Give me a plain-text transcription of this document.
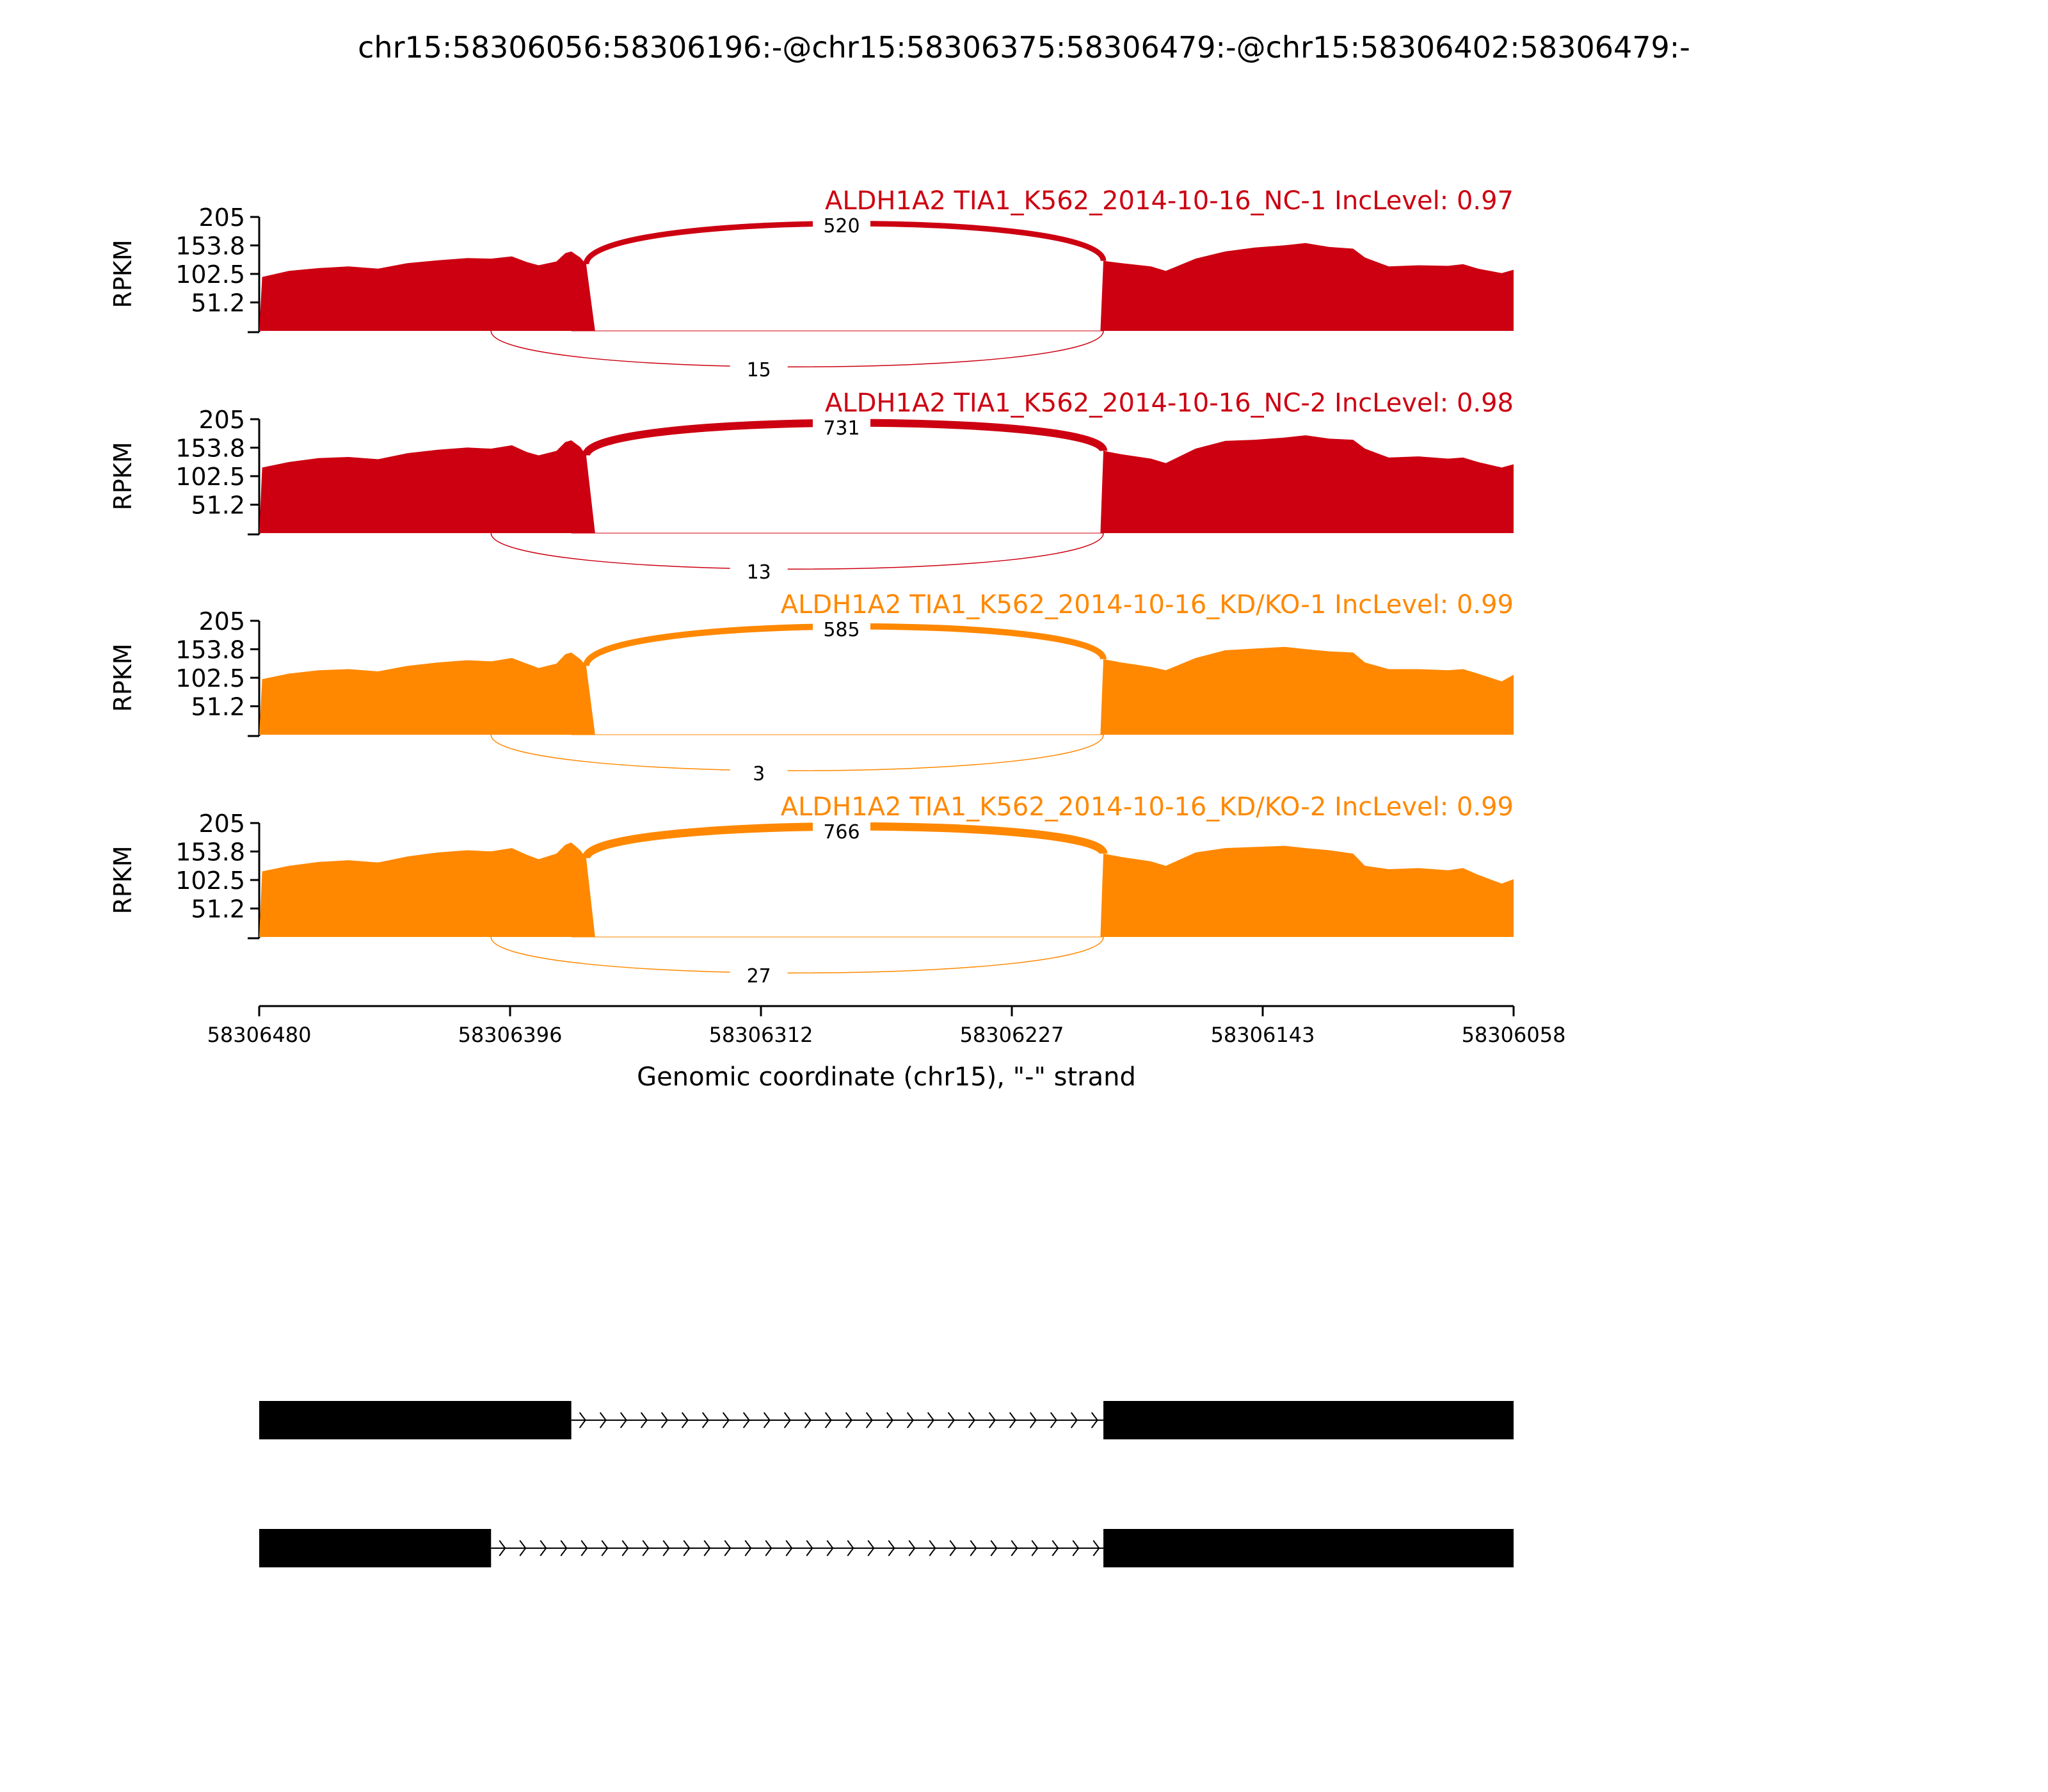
chr15:58306056:58306196:-@chr15:58306375:58306479:-@chr15:58306402:58306479:-
205
153.8
102.5
51.2
RPKM
520
15
ALDH1A2 TIA1_K562_2014-10-16_NC-1 IncLevel: 0.97
205
153.8
102.5
51.2
RPKM
731
13
ALDH1A2 TIA1_K562_2014-10-16_NC-2 IncLevel: 0.98
205
153.8
102.5
51.2
RPKM
585
3
ALDH1A2 TIA1_K562_2014-10-16_KD/KO-1 IncLevel: 0.99
205
153.8
102.5
51.2
RPKM
766
27
ALDH1A2 TIA1_K562_2014-10-16_KD/KO-2 IncLevel: 0.99
58306480	58306396	58306312	58306227	58306143	58306058
Genomic coordinate (chr15), "-" strand
